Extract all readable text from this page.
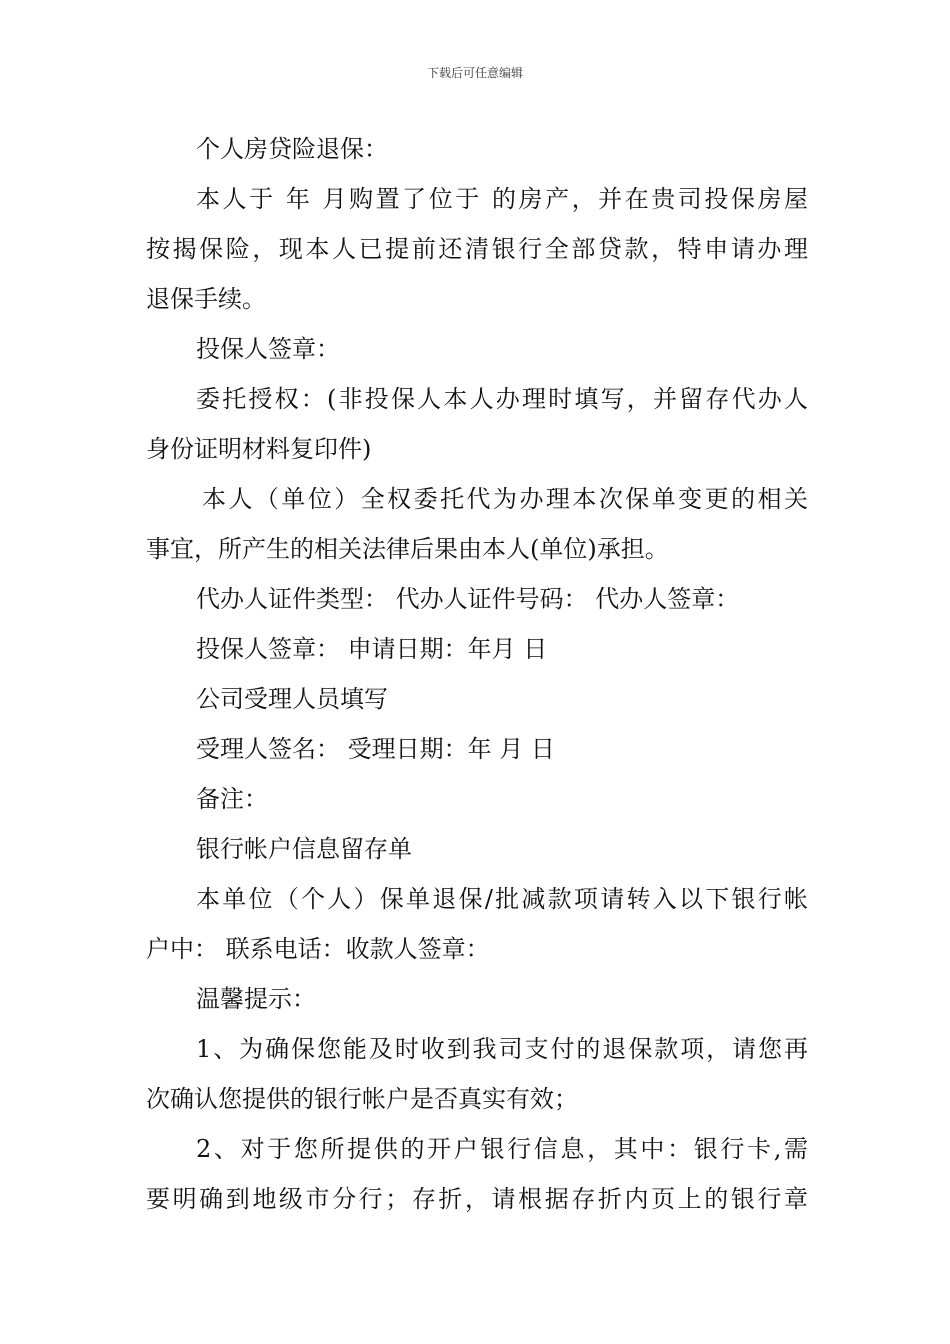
下载后可任意编辑
个人房贷险退保：
本人于 年 月购置了位于 的房产，并在贵司投保房屋
按揭保险，现本人已提前还清银行全部贷款，特申请办理
退保手续。
投保人签章：
委托授权：(非投保人本人办理时填写，并留存代办人
身份证明材料复印件)
本人（单位）全权委托代为办理本次保单变更的相关
事宜，所产生的相关法律后果由本人(单位)承担。
代办人证件类型： 代办人证件号码： 代办人签章：
投保人签章： 申请日期：年月 日
公司受理人员填写
受理人签名： 受理日期：年 月 日
备注：
银行帐户信息留存单
本单位（个人）保单退保/批减款项请转入以下银行帐
户中： 联系电话：收款人签章：
温馨提示：
1、为确保您能及时收到我司支付的退保款项，请您再
次确认您提供的银行帐户是否真实有效；
2、对于您所提供的开户银行信息，其中：银行卡,需
要明确到地级市分行；存折，请根据存折内页上的银行章
